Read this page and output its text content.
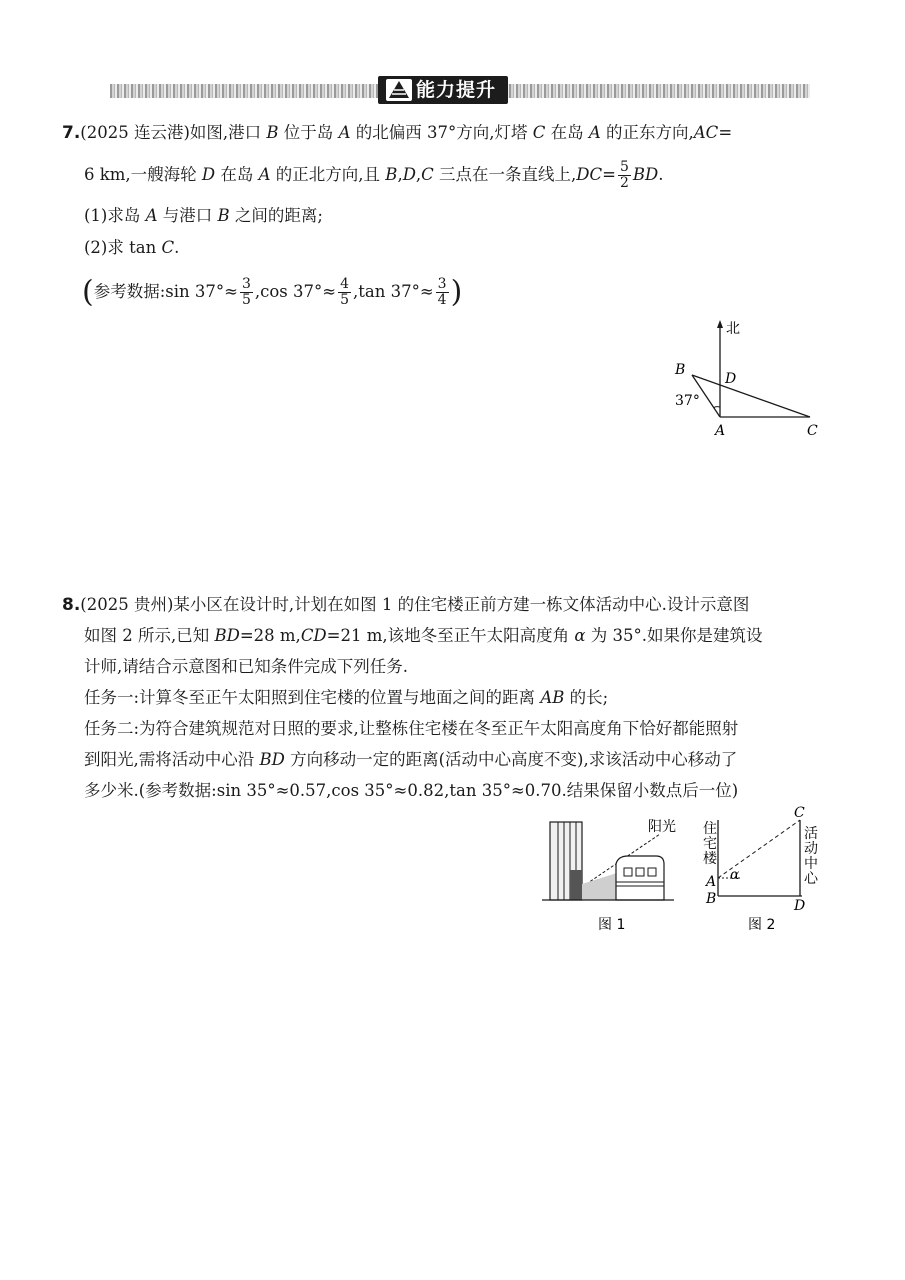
能力提升
7.(2025 连云港)如图,港口 B 位于岛 A 的北偏西 37°方向,灯塔 C 在岛 A 的正东方向,AC=
6 km,一艘海轮 D 在岛 A 的正北方向,且 B,D,C 三点在一条直线上$,DC= \frac{5}{2}$ BD.
(1)求岛 A 与港口 B 之间的距离;
(2)求 tan C.
(参考数据:sin $37^\circ\approx \frac{3}{5} ,\cos$ $37^\circ\approx \frac{4}{5} ,\tan$ $37^\circ\approx \frac{3}{4}$ )
北
B
D
37°
A	C
8.(2025 贵州)某小区在设计时,计划在如图 1 的住宅楼正前方建一栋文体活动中心.设计示意图
如图 2 所示,已知 BD=28 m,CD=21 m,该地冬至正午太阳高度角 α 为 35°.如果你是建筑设
计师,请结合示意图和已知条件完成下列任务.
任务一:计算冬至正午太阳照到住宅楼的位置与地面之间的距离 AB 的长;
任务二:为符合建筑规范对日照的要求,让整栋住宅楼在冬至正午太阳高度角下恰好都能照射
到阳光,需将活动中心沿 BD 方向移动一定的距离(活动中心高度不变),求该活动中心移动了
多少米.(参考数据:sin 35°≈0.57,cos 35°≈0.82,tan 35°≈0.70.结果保留小数点后一位)
阳光
图 1
住
宅
楼
活
动
中
心
α
A
B
C
D
图 2
